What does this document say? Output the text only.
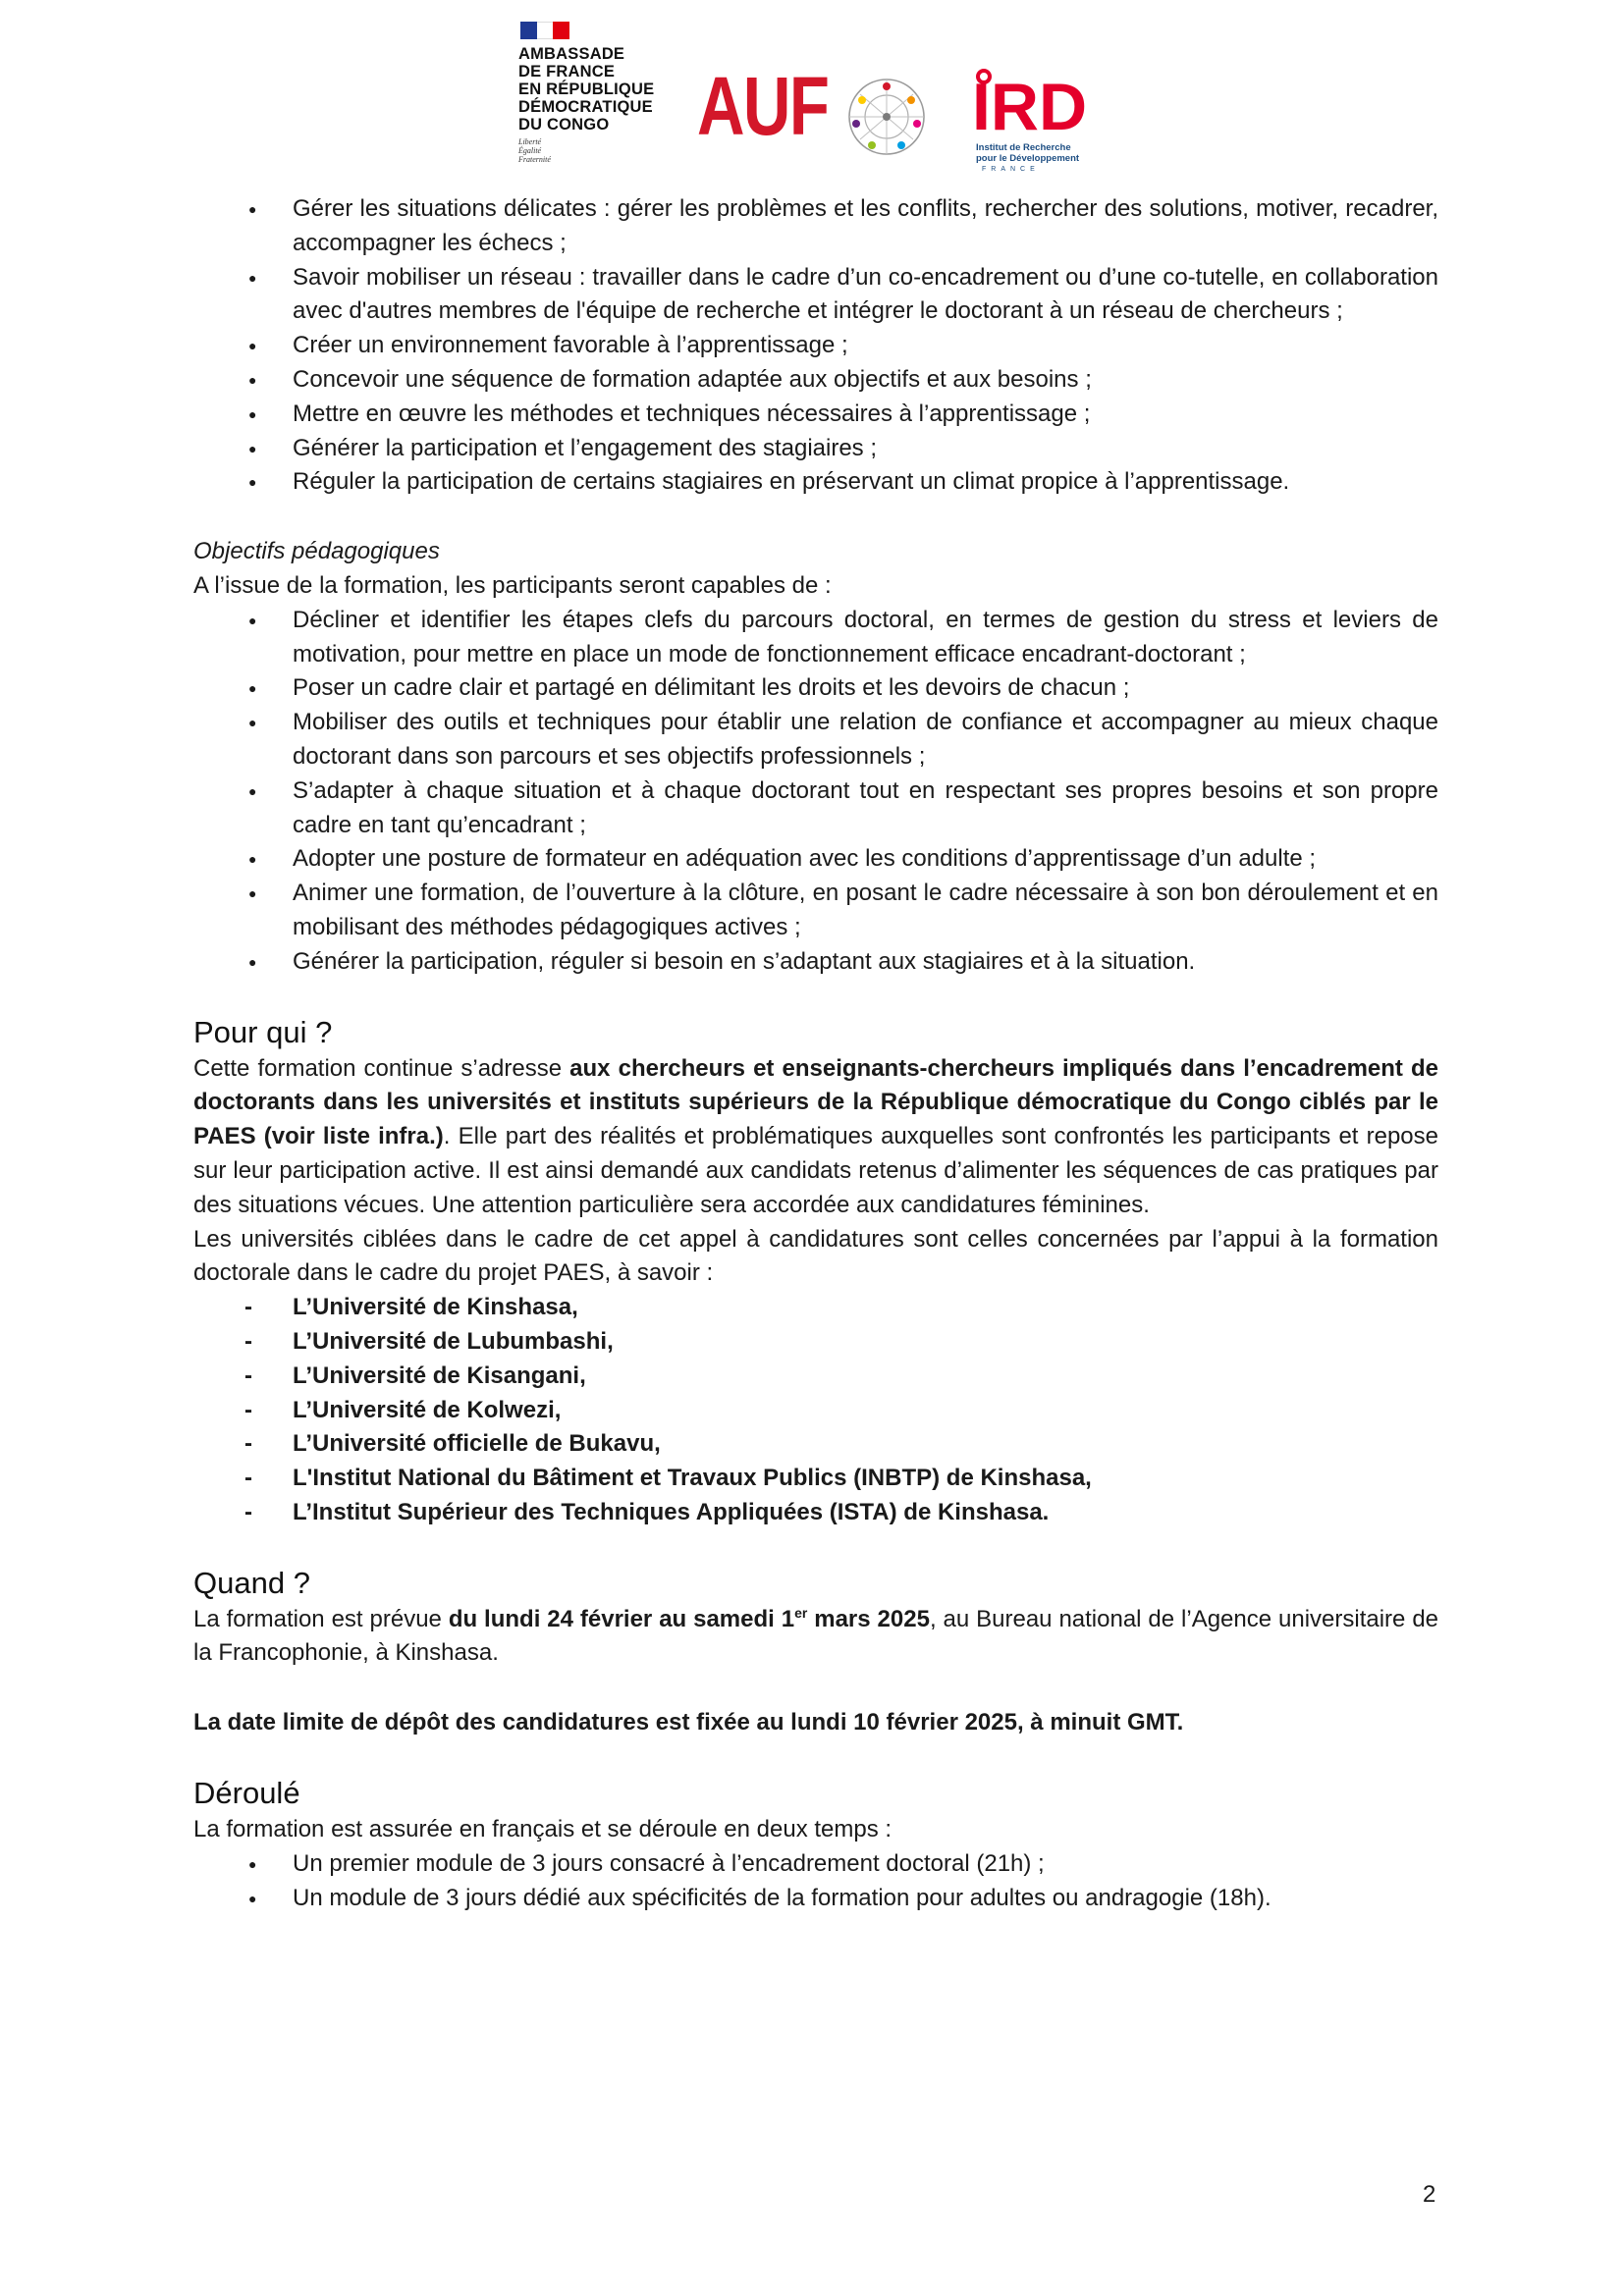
AMBASSADE
DE FRANCE
EN RÉPUBLIQUE
DÉMOCRATIQUE
DU CONGO
Liberté
Égalité
Fraternité
AUF IRD
Institut de Recherche
pour le Développement
FRANCE
● Gérer les situations délicates : gérer les problèmes et les conflits, rechercher des solutions, motiver, recadrer, accompagner les échecs ;
● Savoir mobiliser un réseau : travailler dans le cadre d’un co-encadrement ou d’une co-tutelle, en collaboration avec d'autres membres de l'équipe de recherche et intégrer le doctorant à un réseau de chercheurs ;
● Créer un environnement favorable à l’apprentissage ;
● Concevoir une séquence de formation adaptée aux objectifs et aux besoins ;
● Mettre en œuvre les méthodes et techniques nécessaires à l’apprentissage ;
● Générer la participation et l’engagement des stagiaires ;
● Réguler la participation de certains stagiaires en préservant un climat propice à l’apprentissage.

Objectifs pédagogiques

A l’issue de la formation, les participants seront capables de :

● Décliner et identifier les étapes clefs du parcours doctoral, en termes de gestion du stress et leviers de motivation, pour mettre en place un mode de fonctionnement efficace encadrant-doctorant ;
● Poser un cadre clair et partagé en délimitant les droits et les devoirs de chacun ;
● Mobiliser des outils et techniques pour établir une relation de confiance et accompagner au mieux chaque doctorant dans son parcours et ses objectifs professionnels ;
● S’adapter à chaque situation et à chaque doctorant tout en respectant ses propres besoins et son propre cadre en tant qu’encadrant ;
● Adopter une posture de formateur en adéquation avec les conditions d’apprentissage d’un adulte ;
● Animer une formation, de l’ouverture à la clôture, en posant le cadre nécessaire à son bon déroulement et en mobilisant des méthodes pédagogiques actives ;
● Générer la participation, réguler si besoin en s’adaptant aux stagiaires et à la situation.
Pour qui ?

Cette formation continue s’adresse aux chercheurs et enseignants-chercheurs impliqués dans l’encadrement de doctorants dans les universités et instituts supérieurs de la République démocratique du Congo ciblés par le PAES (voir liste infra.). Elle part des réalités et problématiques auxquelles sont confrontés les participants et repose sur leur participation active. Il est ainsi demandé aux candidats retenus d’alimenter les séquences de cas pratiques par des situations vécues. Une attention particulière sera accordée aux candidatures féminines.

Les universités ciblées dans le cadre de cet appel à candidatures sont celles concernées par l’appui à la formation doctorale dans le cadre du projet PAES, à savoir :

- L’Université de Kinshasa,
- L’Université de Lubumbashi,
- L’Université de Kisangani,
- L’Université de Kolwezi,
- L’Université officielle de Bukavu,
- L'Institut National du Bâtiment et Travaux Publics (INBTP) de Kinshasa,
- L’Institut Supérieur des Techniques Appliquées (ISTA) de Kinshasa.
Quand ?

La formation est prévue du lundi 24 février au samedi 1er mars 2025, au Bureau national de l’Agence universitaire de la Francophonie, à Kinshasa.

La date limite de dépôt des candidatures est fixée au lundi 10 février 2025, à minuit GMT.

Déroulé

La formation est assurée en français et se déroule en deux temps :

● Un premier module de 3 jours consacré à l’encadrement doctoral (21h) ;
● Un module de 3 jours dédié aux spécificités de la formation pour adultes ou andragogie (18h).
2
